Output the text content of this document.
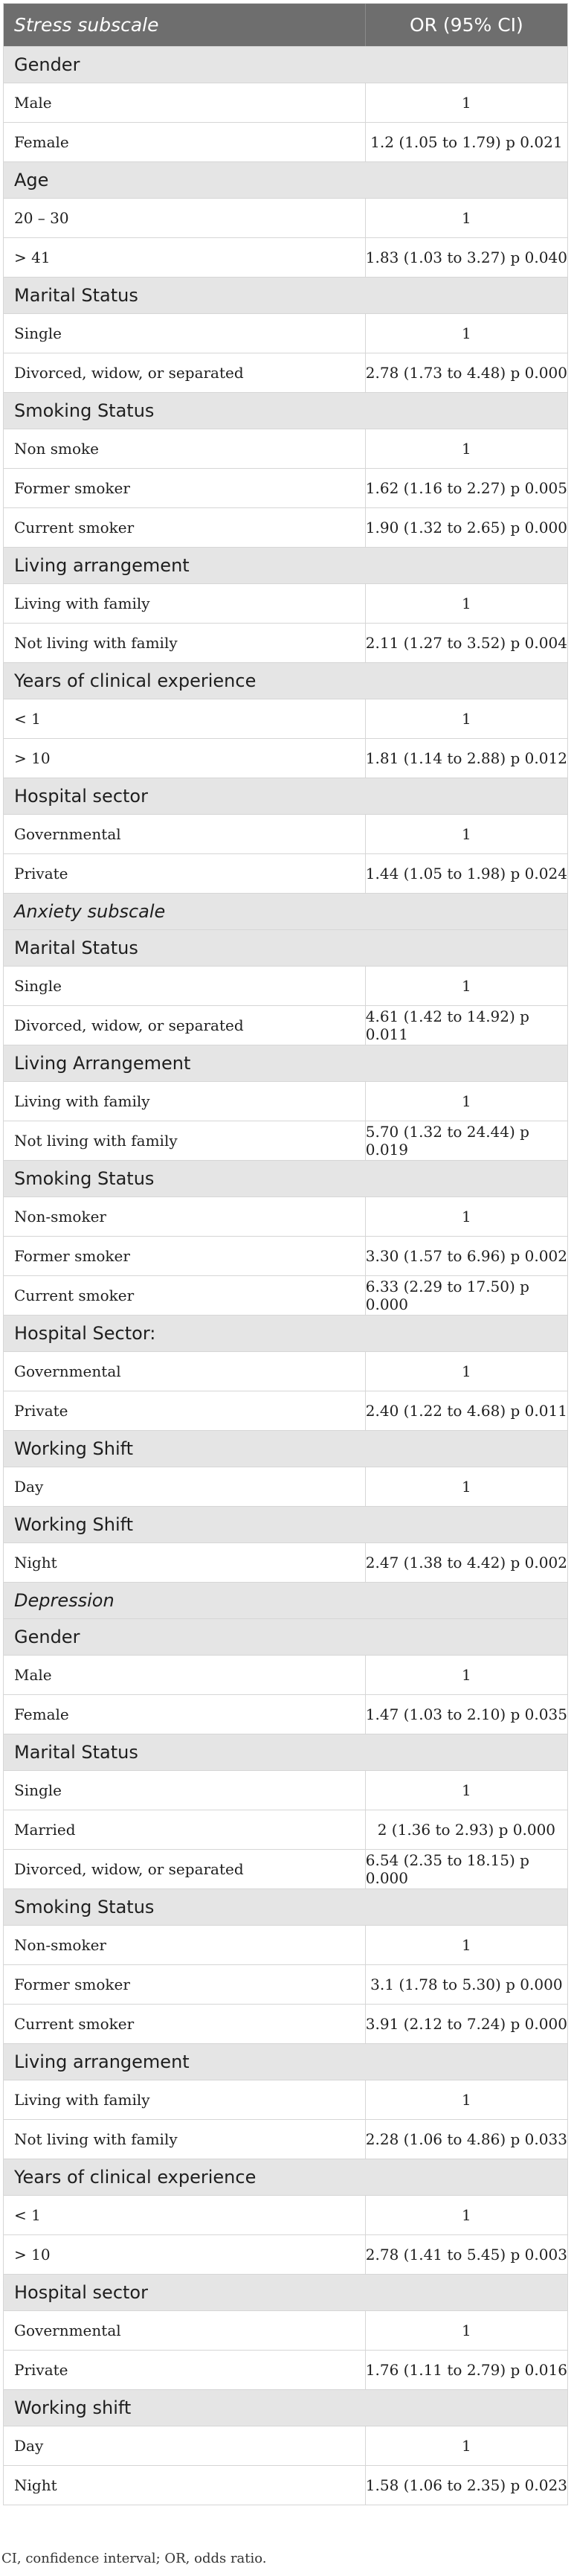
Stress subscale	OR (95% CI)
Gender
Male	1
Female	1.2 (1.05 to 1.79) p 0.021
Age
20 – 30	1
> 41	1.83 (1.03 to 3.27) p 0.040
Marital Status
Single	1
Divorced, widow, or separated	2.78 (1.73 to 4.48) p 0.000
Smoking Status
Non smoke	1
Former smoker	1.62 (1.16 to 2.27) p 0.005
Current smoker	1.90 (1.32 to 2.65) p 0.000
Living arrangement
Living with family	1
Not living with family	2.11 (1.27 to 3.52) p 0.004
Years of clinical experience
< 1	1
> 10	1.81 (1.14 to 2.88) p 0.012
Hospital sector
Governmental	1
Private	1.44 (1.05 to 1.98) p 0.024
Anxiety subscale
Marital Status
Single	1
Divorced, widow, or separated	4.61 (1.42 to 14.92) p 0.011
Living Arrangement
Living with family	1
Not living with family	5.70 (1.32 to 24.44) p 0.019
Smoking Status
Non-smoker	1
Former smoker	3.30 (1.57 to 6.96) p 0.002
Current smoker	6.33 (2.29 to 17.50) p 0.000
Hospital Sector:
Governmental	1
Private	2.40 (1.22 to 4.68) p 0.011
Working Shift
Day	1
Working Shift
Night	2.47 (1.38 to 4.42) p 0.002
Depression
Gender
Male	1
Female	1.47 (1.03 to 2.10) p 0.035
Marital Status
Single	1
Married	2 (1.36 to 2.93) p 0.000
Divorced, widow, or separated	6.54 (2.35 to 18.15) p 0.000
Smoking Status
Non-smoker	1
Former smoker	3.1 (1.78 to 5.30) p 0.000
Current smoker	3.91 (2.12 to 7.24) p 0.000
Living arrangement
Living with family	1
Not living with family	2.28 (1.06 to 4.86) p 0.033
Years of clinical experience
< 1	1
> 10	2.78 (1.41 to 5.45) p 0.003
Hospital sector
Governmental	1
Private	1.76 (1.11 to 2.79) p 0.016
Working shift
Day	1
Night	1.58 (1.06 to 2.35) p 0.023
CI, confidence interval; OR, odds ratio.
